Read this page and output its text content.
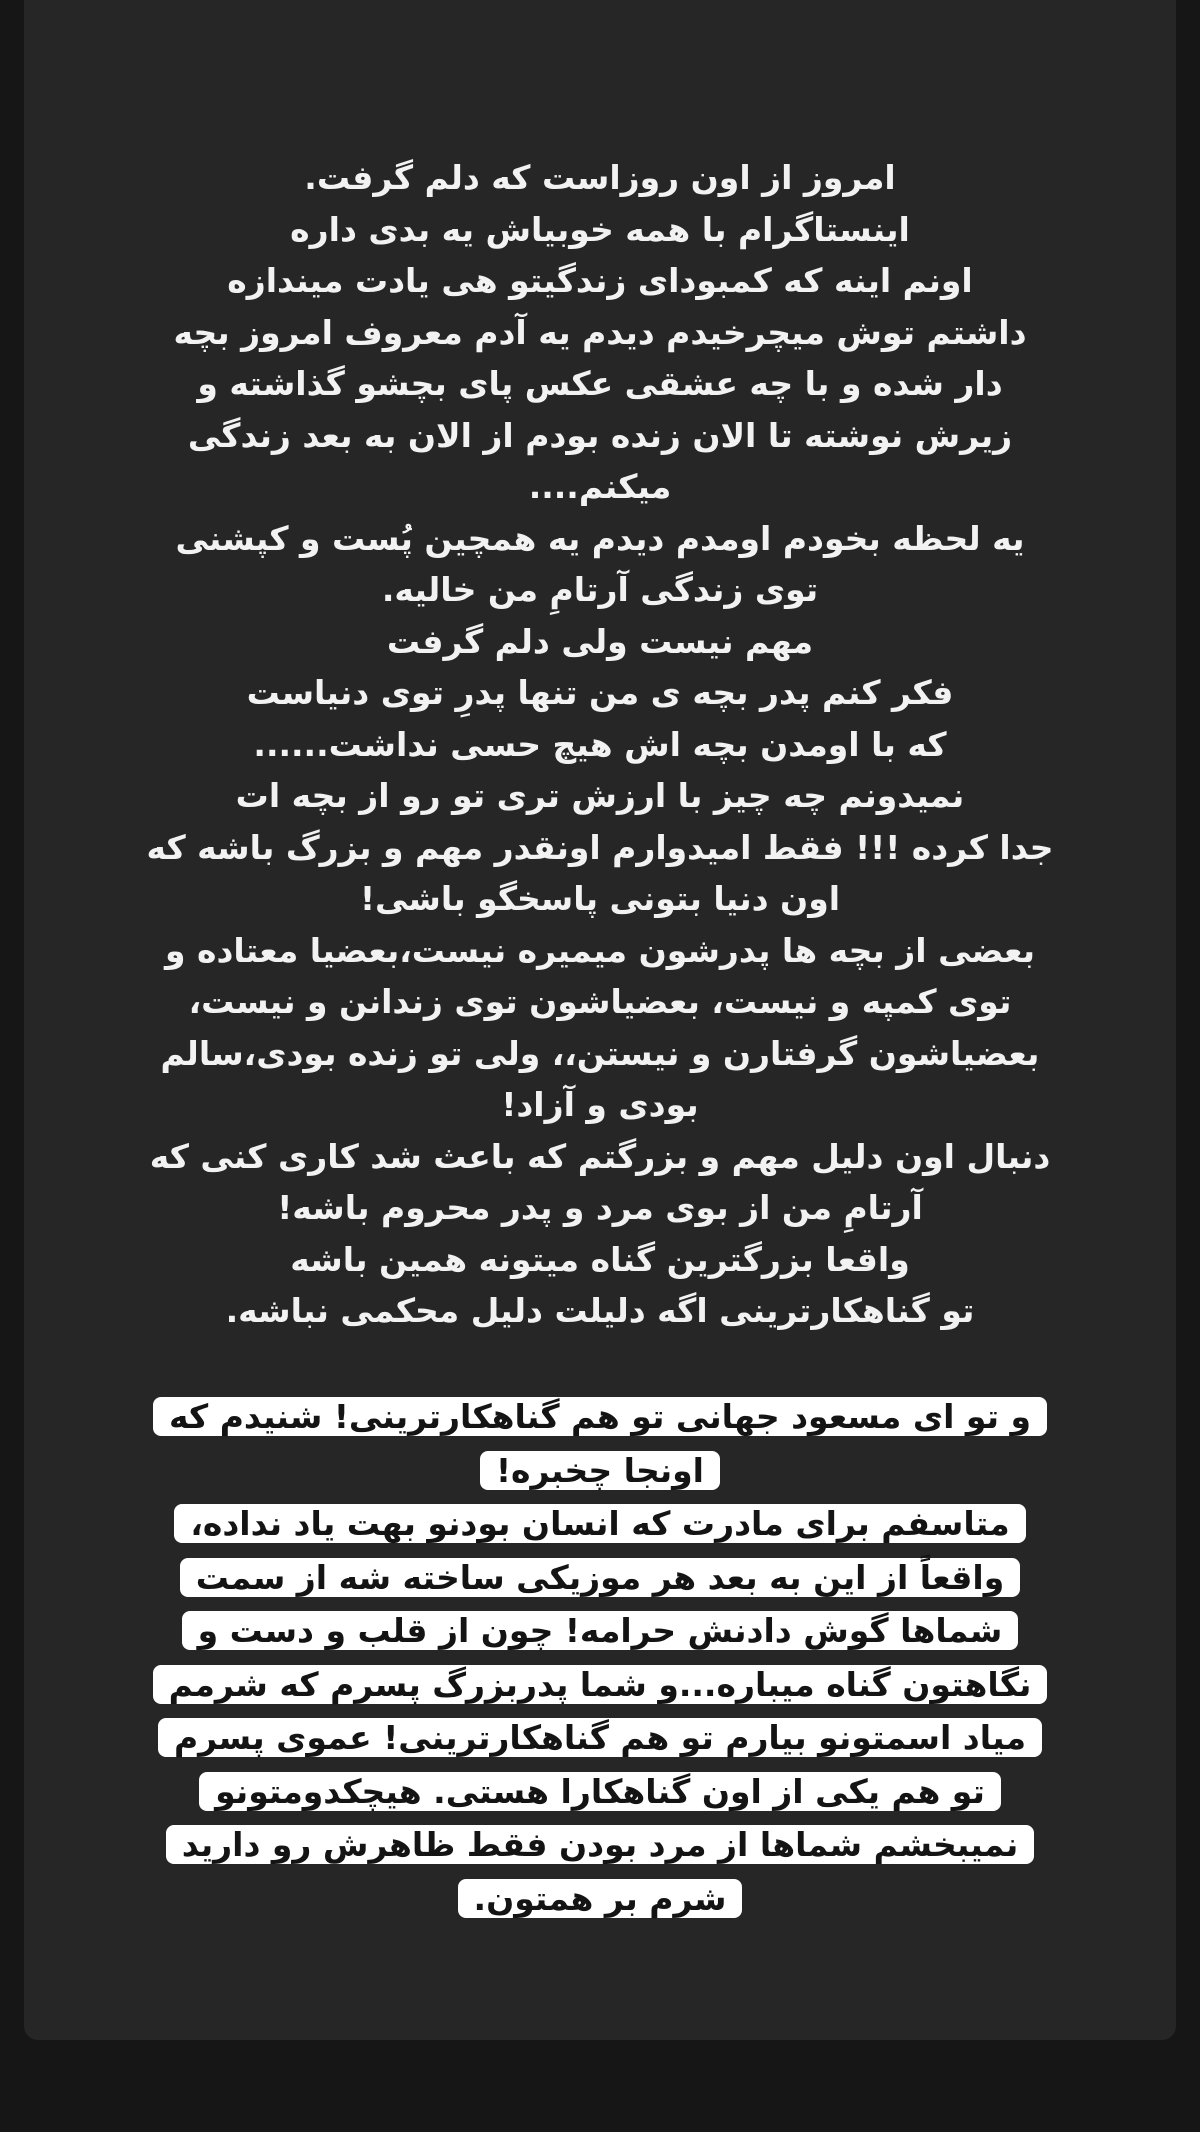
امروز از اون روزاست که دلم گرفت.
اینستاگرام با همه خوبیاش یه بدی داره
اونم اینه که کمبودای زندگیتو هی یادت میندازه
داشتم توش میچرخیدم دیدم یه آدم معروف امروز بچه
دار شده و با چه عشقی عکس پای بچشو گذاشته و
زیرش نوشته تا الان زنده بودم از الان به بعد زندگی
میکنم....
یه لحظه بخودم اومدم دیدم یه همچین پُست و کپشنی
توی زندگی آرتامِ من خالیه.
مهم نیست ولی دلم گرفت
فکر کنم پدر بچه ی من تنها پدرِ توی دنیاست
که با اومدن بچه اش هیچ حسی نداشت......
نمیدونم چه چیز با ارزش تری تو رو از بچه ات
جدا کرده !!! فقط امیدوارم اونقدر مهم و بزرگ باشه که
اون دنیا بتونی پاسخگو باشی!
بعضی از بچه ها پدرشون میمیره نیست،بعضیا معتاده و
توی کمپه و نیست، بعضیاشون توی زندانن و نیست،
بعضیاشون گرفتارن و نیستن،، ولی تو زنده بودی،سالم
بودی و آزاد!
دنبال اون دلیل مهم و بزرگتم که باعث شد کاری کنی که
آرتامِ من از بوی مرد و پدر محروم باشه!
واقعا بزرگترین گناه میتونه همین باشه
تو گناهکارترینی اگه دلیلت دلیل محکمی نباشه.
و تو ای مسعود جهانی تو هم گناهکارترینی! شنیدم که
اونجا چخبره!
متاسفم برای مادرت که انسان بودنو بهت یاد نداده،
واقعاً از این به بعد هر موزیکی ساخته شه از سمت
شماها گوش دادنش حرامه! چون از قلب و دست و
نگاهتون گناه میباره...و شما پدربزرگ پسرم که شرمم
میاد اسمتونو بیارم تو هم گناهکارترینی! عموی پسرم
تو هم یکی از اون گناهکارا هستی. هیچکدومتونو
نمیبخشم شماها از مرد بودن فقط ظاهرش رو دارید
شرم بر همتون.
